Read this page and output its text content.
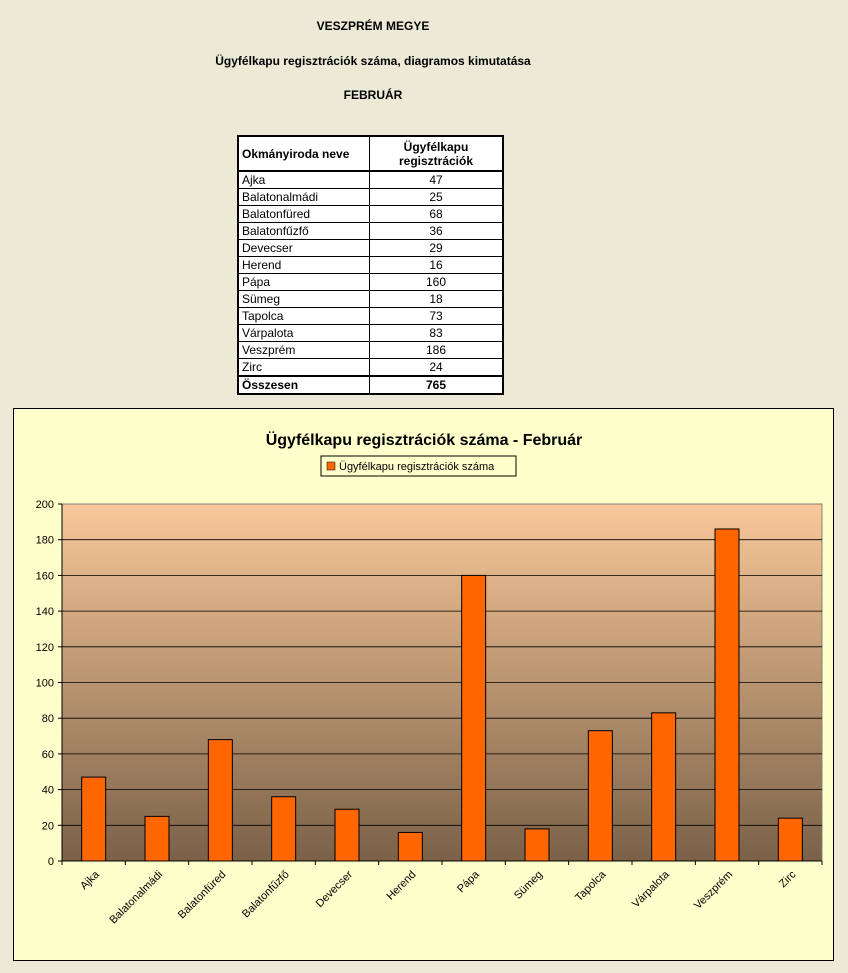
VESZPRÉM MEGYE
Ügyfélkapu regisztrációk száma, diagramos kimutatása
FEBRUÁR
Okmányiroda neve	Ügyfélkapu
regisztrációk
Ajka	47
Balatonalmádi	25
Balatonfüred	68
Balatonfűzfő	36
Devecser	29
Herend	16
Pápa	160
Sümeg	18
Tapolca	73
Várpalota	83
Veszprém	186
Zirc	24
Összesen	765
Ügyfélkapu regisztrációk száma - Február
Ügyfélkapu regisztrációk száma
0
20
40
60
80
100
120
140
160
180
200
Ajka Balatonalmádi Balatonfüred Balatonfűzfő Devecser	Herend	Pápa	Sümeg	Tapolca Várpalota Veszprém	Zirc
